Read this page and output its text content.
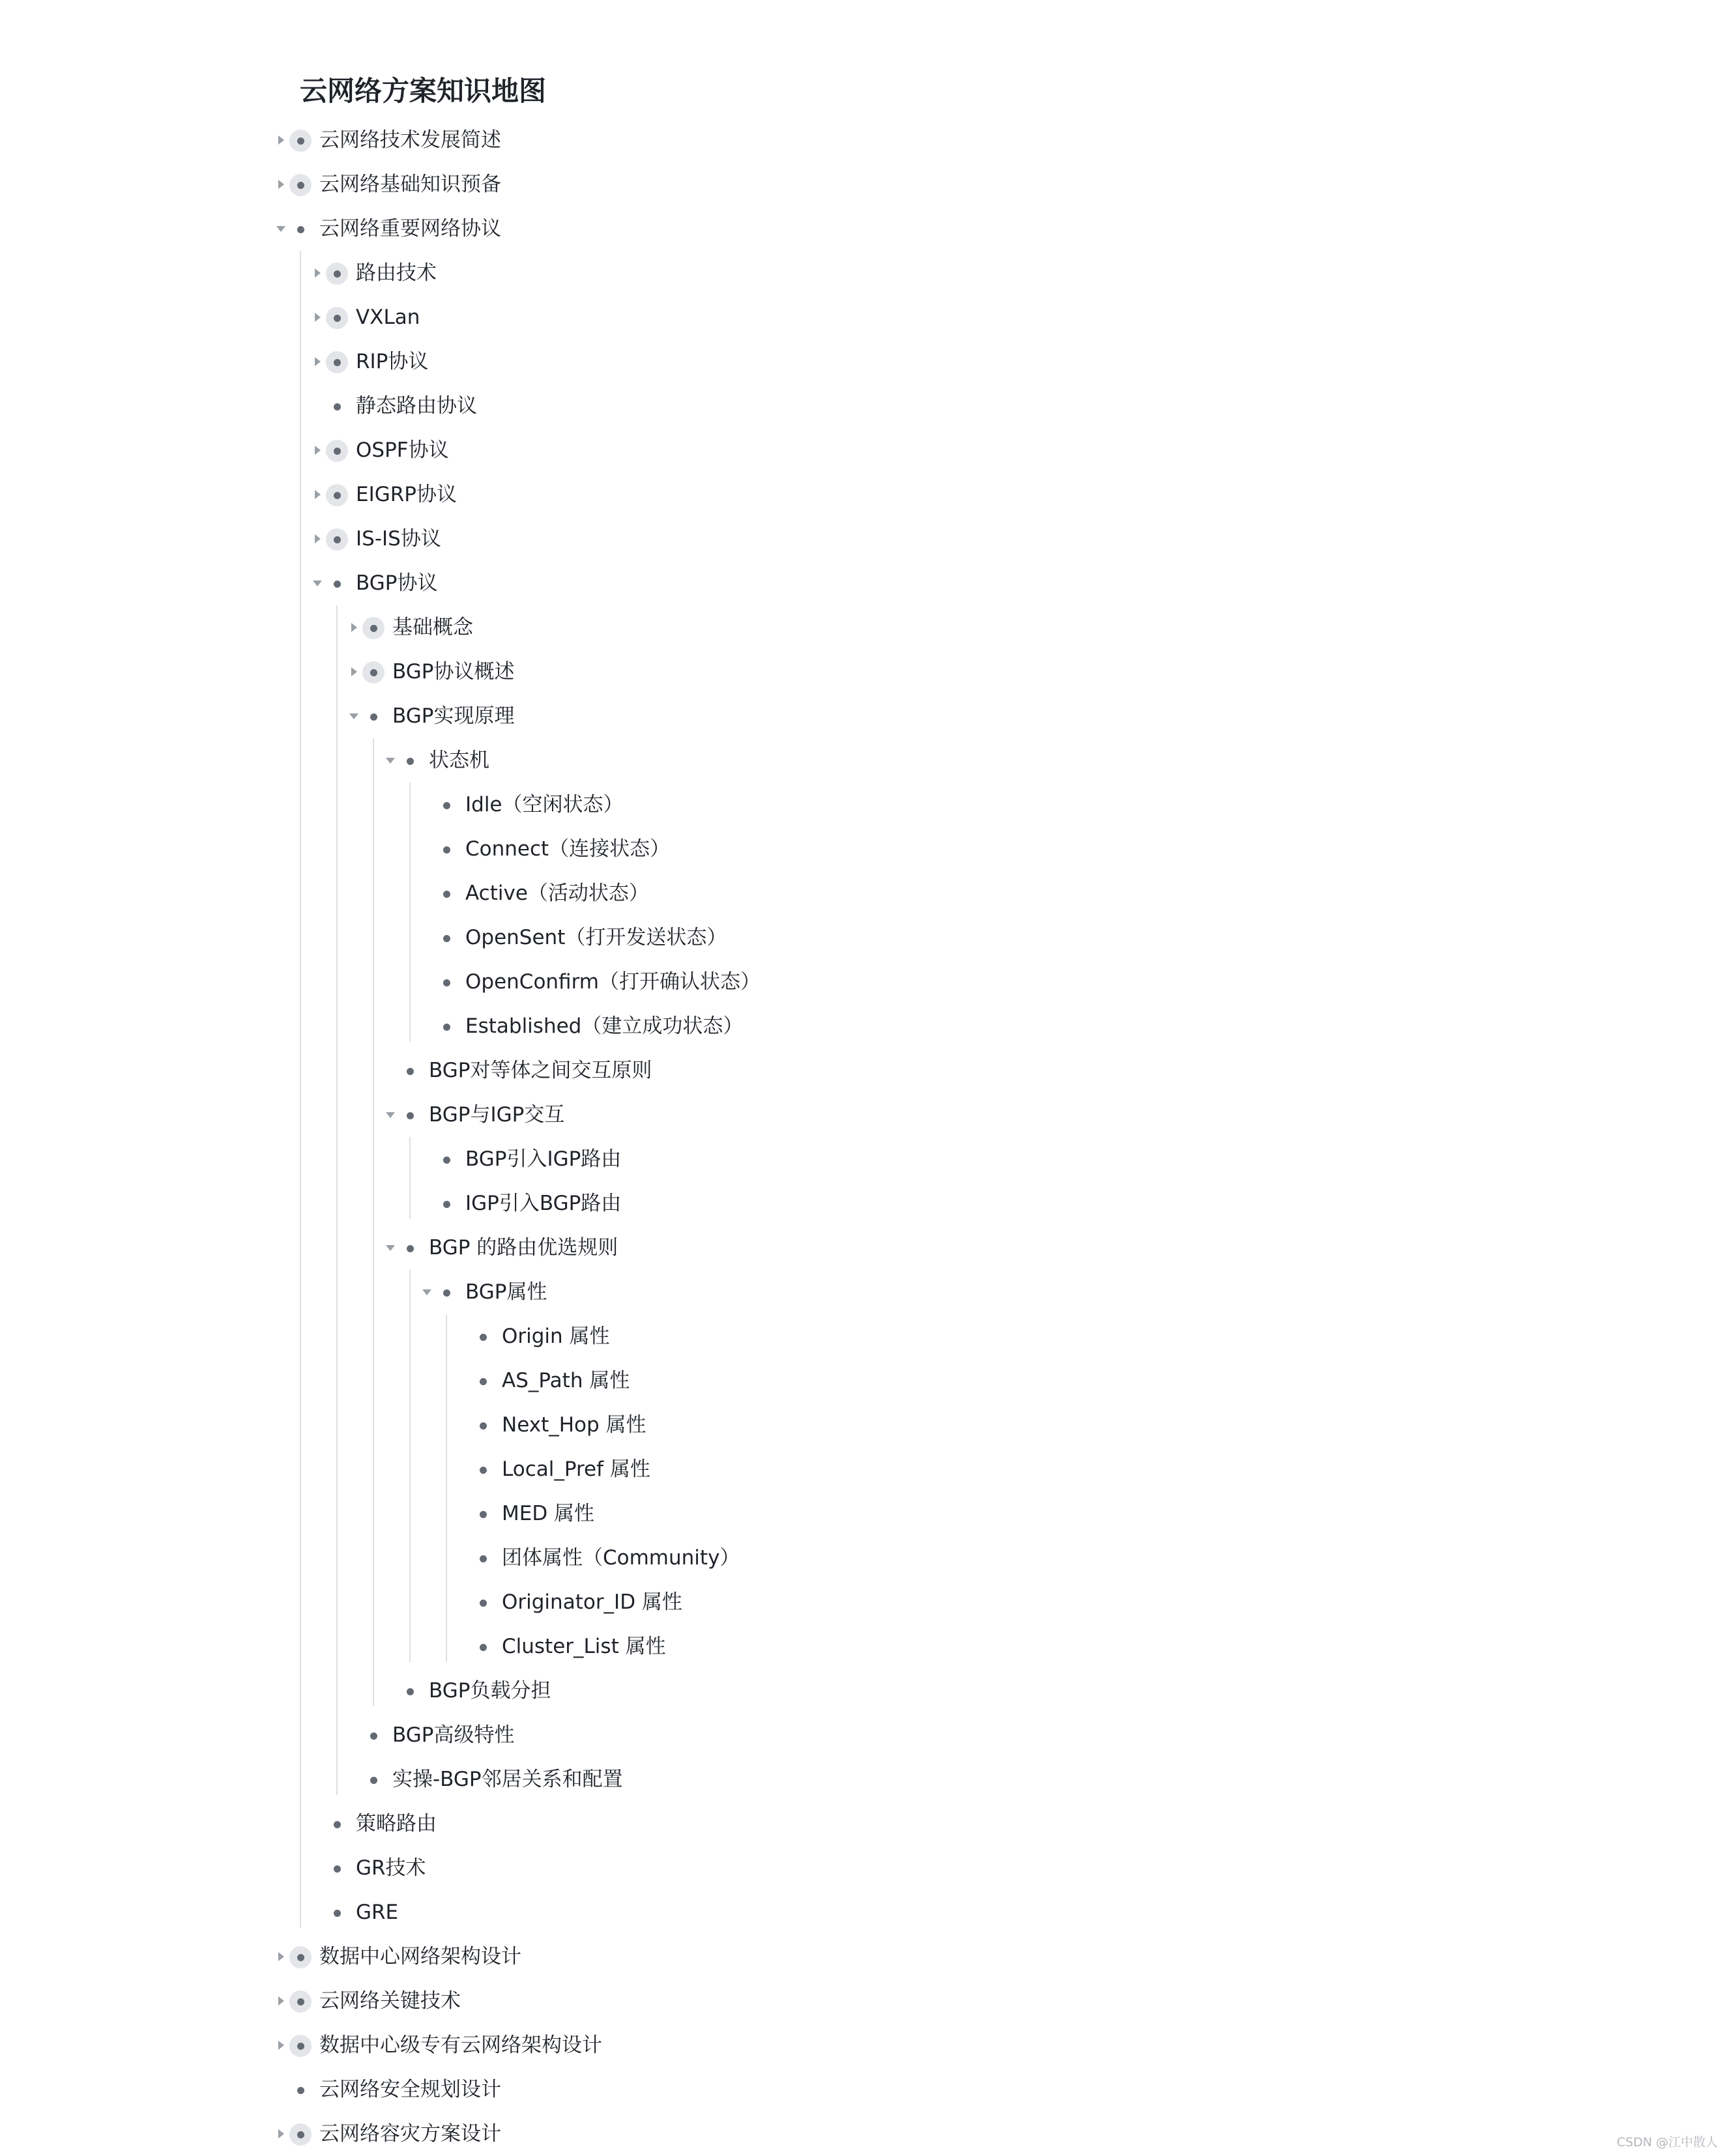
云网络方案知识地图
云网络技术发展简述
云网络基础知识预备
云网络重要网络协议
路由技术
VXLan
RIP协议
静态路由协议
OSPF协议
EIGRP协议
IS-IS协议
BGP协议
基础概念
BGP协议概述
BGP实现原理
状态机
Idle（空闲状态）
Connect（连接状态）
Active（活动状态）
OpenSent（打开发送状态）
OpenConfirm（打开确认状态）
Established（建立成功状态）
BGP对等体之间交互原则
BGP与IGP交互
BGP引入IGP路由
IGP引入BGP路由
BGP 的路由优选规则
BGP属性
Origin 属性
AS_Path 属性
Next_Hop 属性
Local_Pref 属性
MED 属性
团体属性（Community）
Originator_ID 属性
Cluster_List 属性
BGP负载分担
BGP高级特性
实操-BGP邻居关系和配置
策略路由
GR技术
GRE
数据中心网络架构设计
云网络关键技术
数据中心级专有云网络架构设计
云网络安全规划设计
云网络容灾方案设计	CSDN @江中散人
